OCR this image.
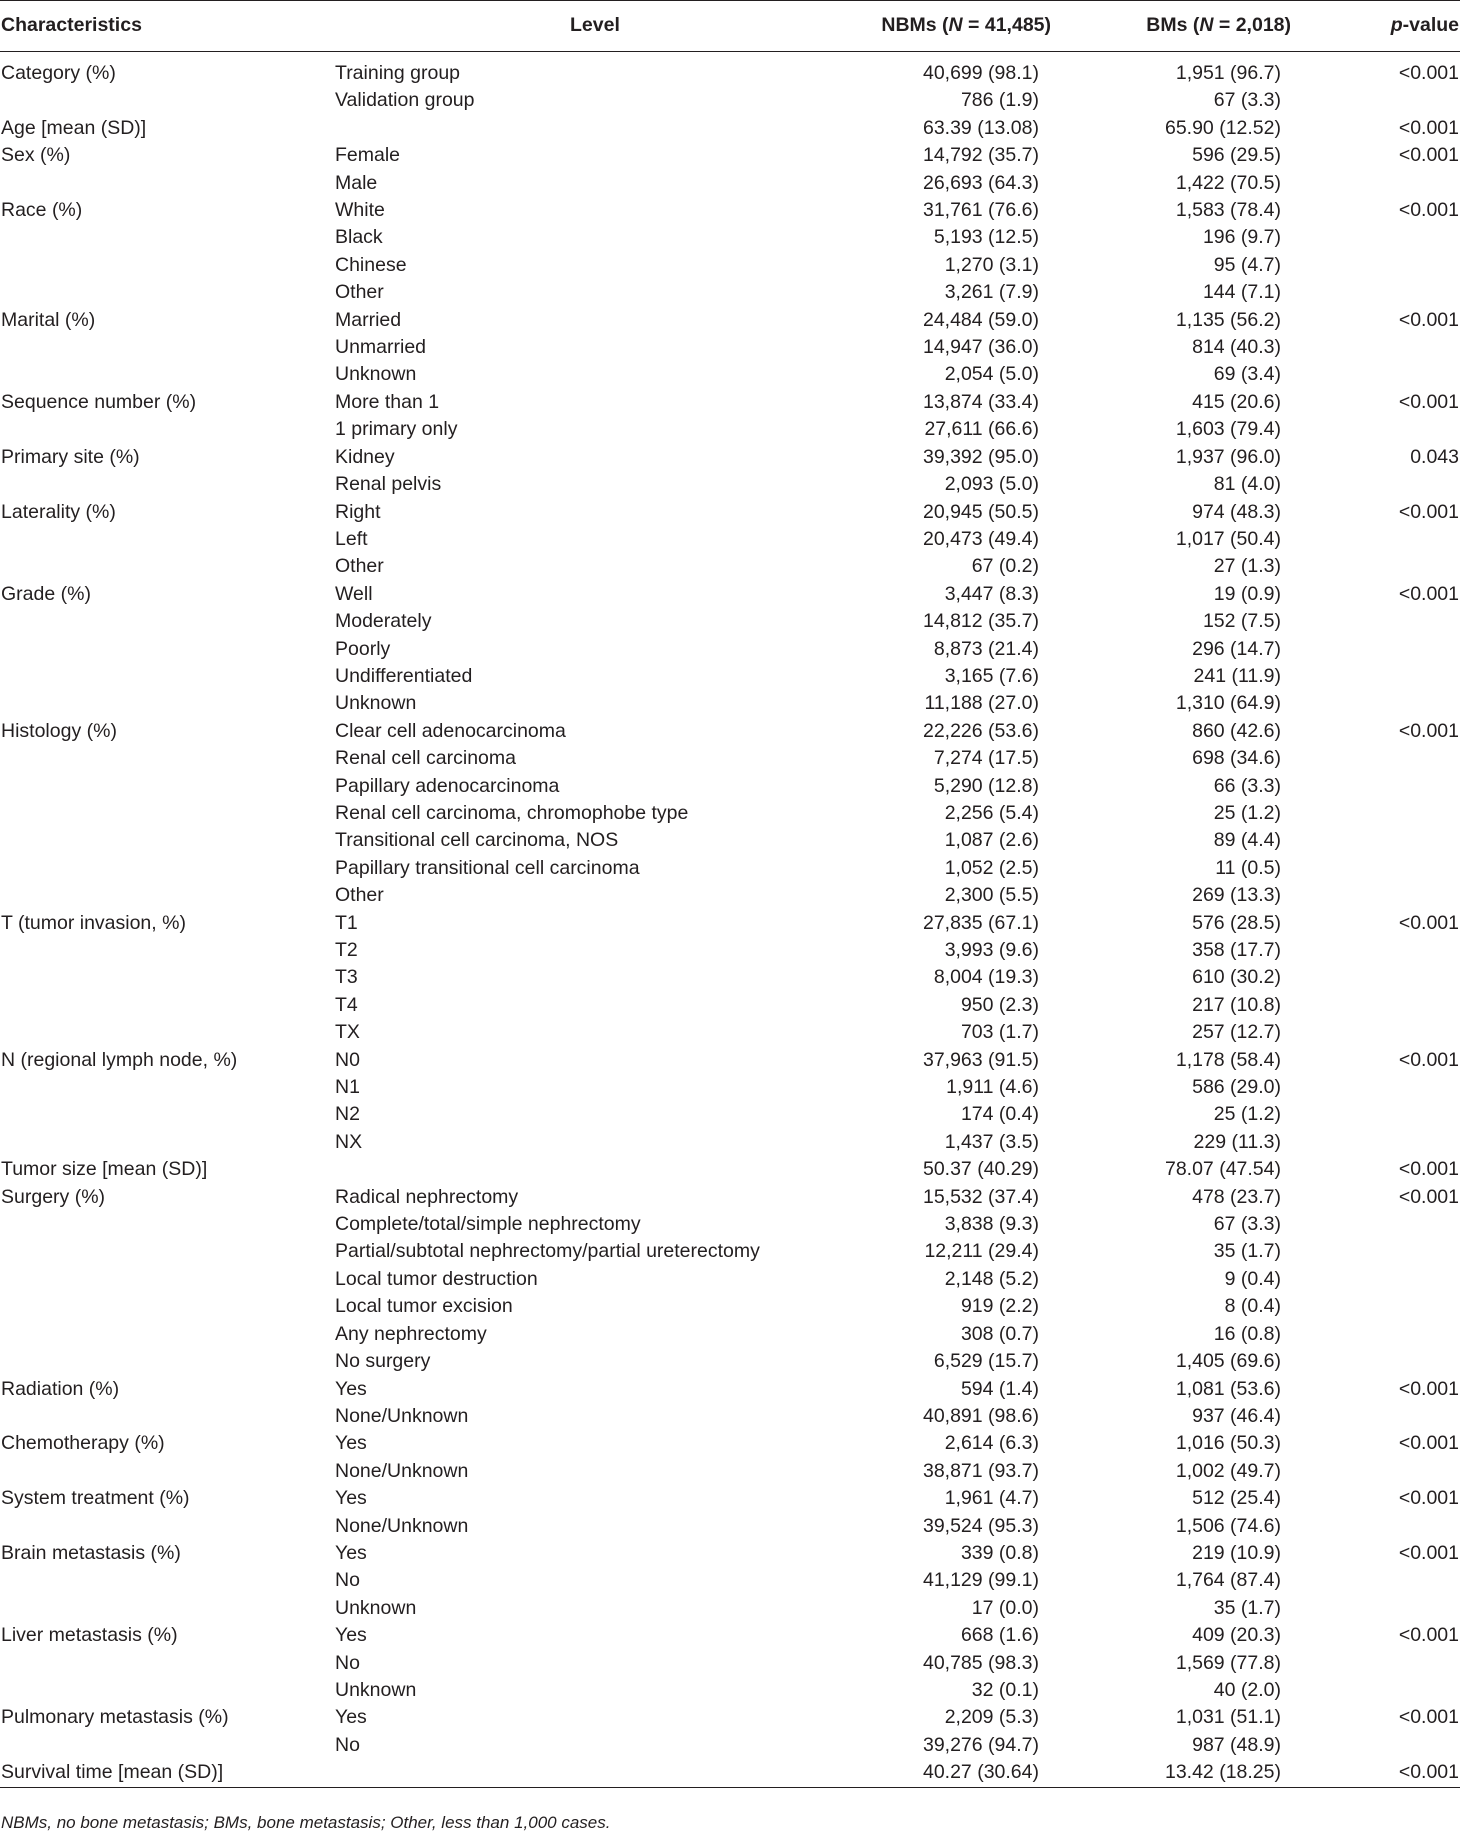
Characteristics	Level	NBMs (N = 41,485)	BMs (N = 2,018)	p-value

Category (%)	Training group	40,699 (98.1)	1,951 (96.7)	<0.001
	Validation group	786 (1.9)	67 (3.3)	
Age [mean (SD)]		63.39 (13.08)	65.90 (12.52)	<0.001
Sex (%)	Female	14,792 (35.7)	596 (29.5)	<0.001
	Male	26,693 (64.3)	1,422 (70.5)	
Race (%)	White	31,761 (76.6)	1,583 (78.4)	<0.001
	Black	5,193 (12.5)	196 (9.7)	
	Chinese	1,270 (3.1)	95 (4.7)	
	Other	3,261 (7.9)	144 (7.1)	
Marital (%)	Married	24,484 (59.0)	1,135 (56.2)	<0.001
	Unmarried	14,947 (36.0)	814 (40.3)	
	Unknown	2,054 (5.0)	69 (3.4)	
Sequence number (%)	More than 1	13,874 (33.4)	415 (20.6)	<0.001
	1 primary only	27,611 (66.6)	1,603 (79.4)	
Primary site (%)	Kidney	39,392 (95.0)	1,937 (96.0)	0.043
	Renal pelvis	2,093 (5.0)	81 (4.0)	
Laterality (%)	Right	20,945 (50.5)	974 (48.3)	<0.001
	Left	20,473 (49.4)	1,017 (50.4)	
	Other	67 (0.2)	27 (1.3)	
Grade (%)	Well	3,447 (8.3)	19 (0.9)	<0.001
	Moderately	14,812 (35.7)	152 (7.5)	
	Poorly	8,873 (21.4)	296 (14.7)	
	Undifferentiated	3,165 (7.6)	241 (11.9)	
	Unknown	11,188 (27.0)	1,310 (64.9)	
Histology (%)	Clear cell adenocarcinoma	22,226 (53.6)	860 (42.6)	<0.001
	Renal cell carcinoma	7,274 (17.5)	698 (34.6)	
	Papillary adenocarcinoma	5,290 (12.8)	66 (3.3)	
	Renal cell carcinoma, chromophobe type	2,256 (5.4)	25 (1.2)	
	Transitional cell carcinoma, NOS	1,087 (2.6)	89 (4.4)	
	Papillary transitional cell carcinoma	1,052 (2.5)	11 (0.5)	
	Other	2,300 (5.5)	269 (13.3)	
T (tumor invasion, %)	T1	27,835 (67.1)	576 (28.5)	<0.001
	T2	3,993 (9.6)	358 (17.7)	
	T3	8,004 (19.3)	610 (30.2)	
	T4	950 (2.3)	217 (10.8)	
	TX	703 (1.7)	257 (12.7)	
N (regional lymph node, %)	N0	37,963 (91.5)	1,178 (58.4)	<0.001
	N1	1,911 (4.6)	586 (29.0)	
	N2	174 (0.4)	25 (1.2)	
	NX	1,437 (3.5)	229 (11.3)	
Tumor size [mean (SD)]		50.37 (40.29)	78.07 (47.54)	<0.001
Surgery (%)	Radical nephrectomy	15,532 (37.4)	478 (23.7)	<0.001
	Complete/total/simple nephrectomy	3,838 (9.3)	67 (3.3)	
	Partial/subtotal nephrectomy/partial ureterectomy	12,211 (29.4)	35 (1.7)	
	Local tumor destruction	2,148 (5.2)	9 (0.4)	
	Local tumor excision	919 (2.2)	8 (0.4)	
	Any nephrectomy	308 (0.7)	16 (0.8)	
	No surgery	6,529 (15.7)	1,405 (69.6)	
Radiation (%)	Yes	594 (1.4)	1,081 (53.6)	<0.001
	None/Unknown	40,891 (98.6)	937 (46.4)	
Chemotherapy (%)	Yes	2,614 (6.3)	1,016 (50.3)	<0.001
	None/Unknown	38,871 (93.7)	1,002 (49.7)	
System treatment (%)	Yes	1,961 (4.7)	512 (25.4)	<0.001
	None/Unknown	39,524 (95.3)	1,506 (74.6)	
Brain metastasis (%)	Yes	339 (0.8)	219 (10.9)	<0.001
	No	41,129 (99.1)	1,764 (87.4)	
	Unknown	17 (0.0)	35 (1.7)	
Liver metastasis (%)	Yes	668 (1.6)	409 (20.3)	<0.001
	No	40,785 (98.3)	1,569 (77.8)	
	Unknown	32 (0.1)	40 (2.0)	
Pulmonary metastasis (%)	Yes	2,209 (5.3)	1,031 (51.1)	<0.001
	No	39,276 (94.7)	987 (48.9)	
Survival time [mean (SD)]		40.27 (30.64)	13.42 (18.25)	<0.001
NBMs, no bone metastasis; BMs, bone metastasis; Other, less than 1,000 cases.
